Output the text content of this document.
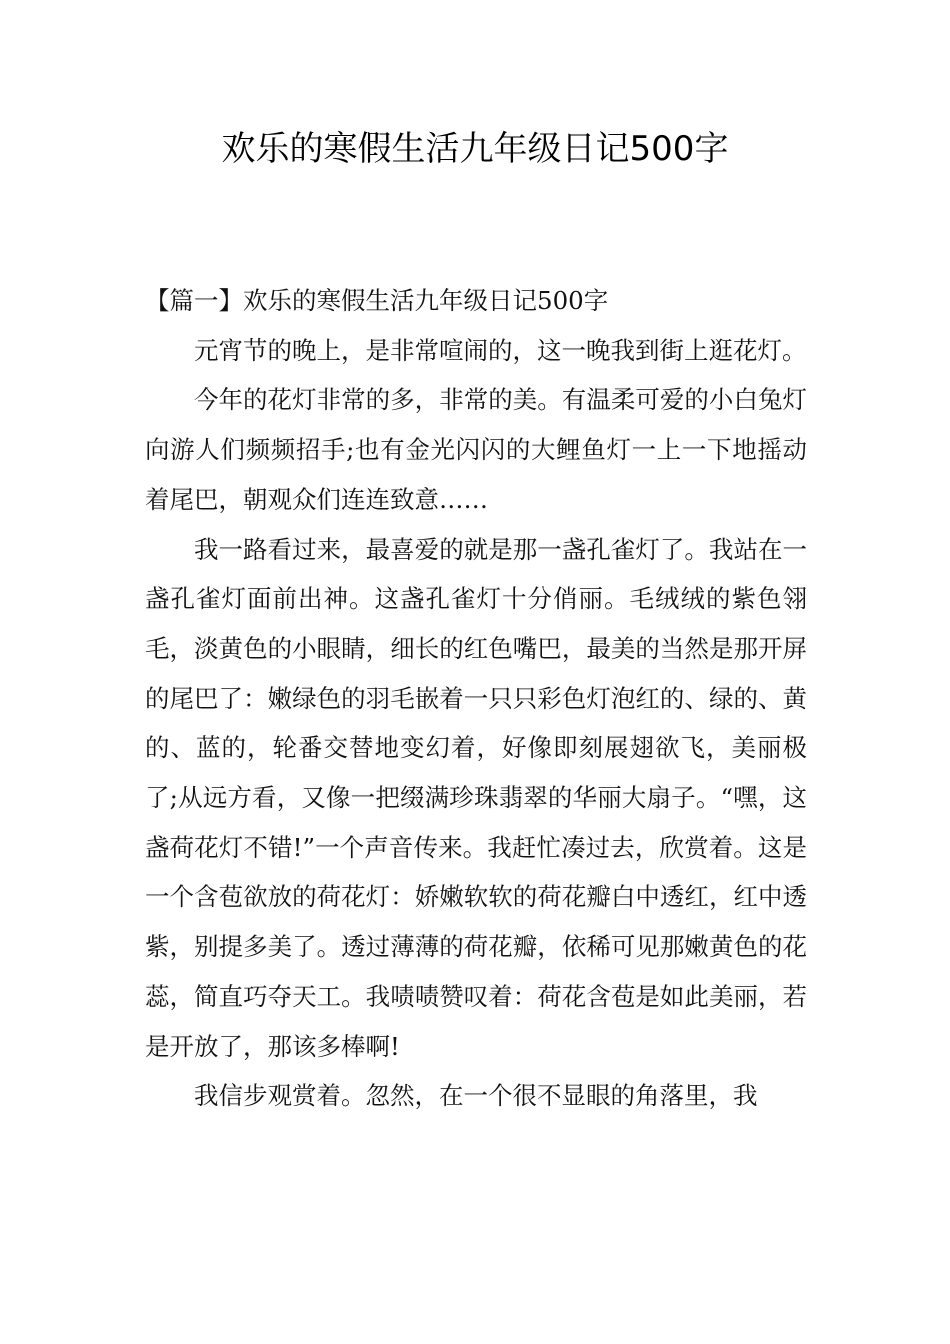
欢乐的寒假生活九年级日记500字

【篇一】欢乐的寒假生活九年级日记500字

元宵节的晚上，是非常喧闹的，这一晚我到街上逛花灯。

今年的花灯非常的多，非常的美。有温柔可爱的小白兔灯向游人们频频招手;也有金光闪闪的大鲤鱼灯一上一下地摇动着尾巴，朝观众们连连致意……

我一路看过来，最喜爱的就是那一盏孔雀灯了。我站在一盏孔雀灯面前出神。这盏孔雀灯十分俏丽。毛绒绒的紫色翎毛，淡黄色的小眼睛，细长的红色嘴巴，最美的当然是那开屏的尾巴了：嫩绿色的羽毛嵌着一只只彩色灯泡红的、绿的、黄的、蓝的，轮番交替地变幻着，好像即刻展翅欲飞，美丽极了;从远方看，又像一把缀满珍珠翡翠的华丽大扇子。“嘿，这盏荷花灯不错!”一个声音传来。我赶忙凑过去，欣赏着。这是一个含苞欲放的荷花灯：娇嫩软软的荷花瓣白中透红，红中透紫，别提多美了。透过薄薄的荷花瓣，依稀可见那嫩黄色的花蕊，简直巧夺天工。我啧啧赞叹着：荷花含苞是如此美丽，若是开放了，那该多棒啊!

我信步观赏着。忽然，在一个很不显眼的角落里，我
